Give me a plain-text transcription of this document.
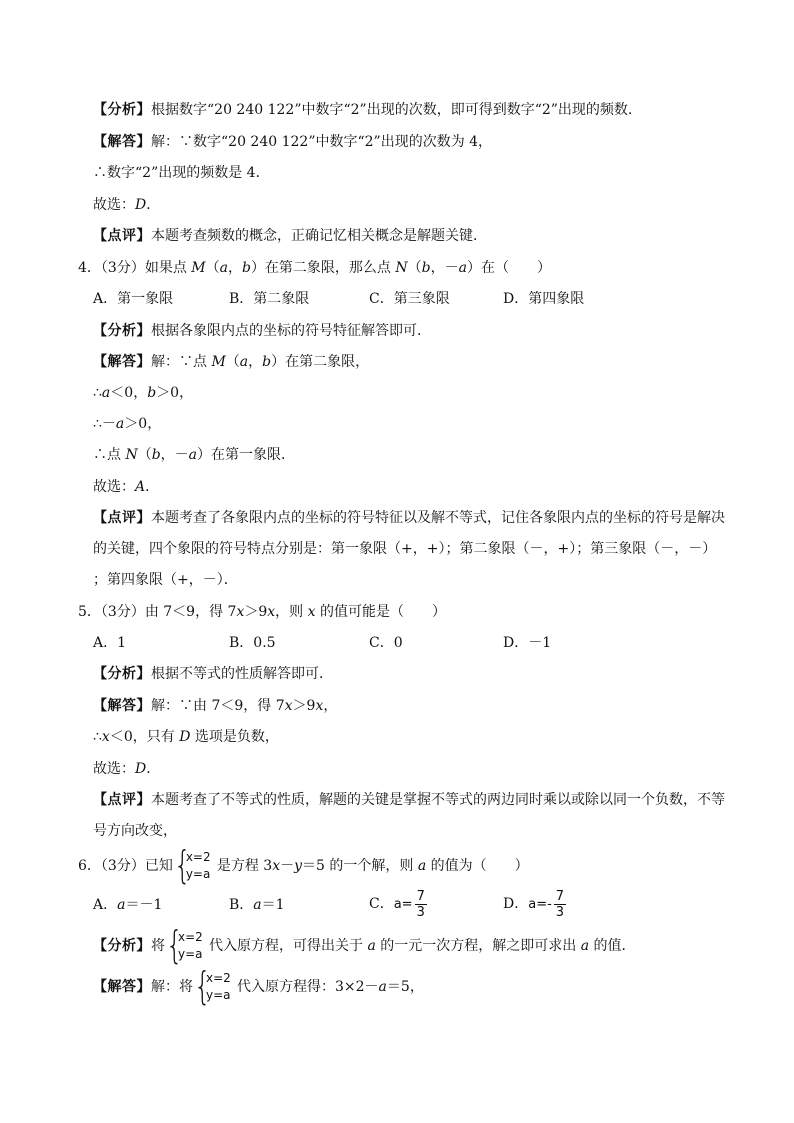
【分析】根据数字“20 240 122”中数字“2”出现的次数，即可得到数字“2”出现的频数.
【解答】解：∵数字“20 240 122”中数字“2”出现的次数为 4，
∴数字“2”出现的频数是 4．
故选：D．
【点评】本题考查频数的概念，正确记忆相关概念是解题关键．
4．（3分）如果点 M（a，b）在第二象限，那么点 N（b，－a）在（　　）
A．第一象限	B．第二象限	C．第三象限	D．第四象限
【分析】根据各象限内点的坐标的符号特征解答即可．
【解答】解：∵点 M（a，b）在第二象限，
∴a＜0，b＞0，
∴－a＞0，
∴点 N（b，－a）在第一象限．
故选：A．
【点评】本题考查了各象限内点的坐标的符号特征以及解不等式，记住各象限内点的坐标的符号是解决
的关键，四个象限的符号特点分别是：第一象限（+，+）；第二象限（－，+）；第三象限（－，－）
；第四象限（+，－）．
5．（3分）由 7＜9，得 7x＞9x，则 x 的值可能是（　　）
A．1	B．0.5	C．0	D．－1
【分析】根据不等式的性质解答即可．
【解答】解：∵由 7＜9，得 7x＞9x，
∴x＜0，只有 D 选项是负数，
故选：D．
【点评】本题考查了不等式的性质，解题的关键是掌握不等式的两边同时乘以或除以同一个负数，不等
号方向改变，
6．（3分）已知 {
x=2
y=a 是方程 3x－y＝5 的一个解，则 a 的值为（　　）
A．a＝－1	B．a＝1	C．$a= \frac{7}{3}$	D．$a=- \frac{7}{3}$
【分析】将 {
x=2
y=a 代入原方程，可得出关于 a 的一元一次方程，解之即可求出 a 的值．
【解答】解：将 {
x=2
y=a 代入原方程得：3×2－a＝5，
